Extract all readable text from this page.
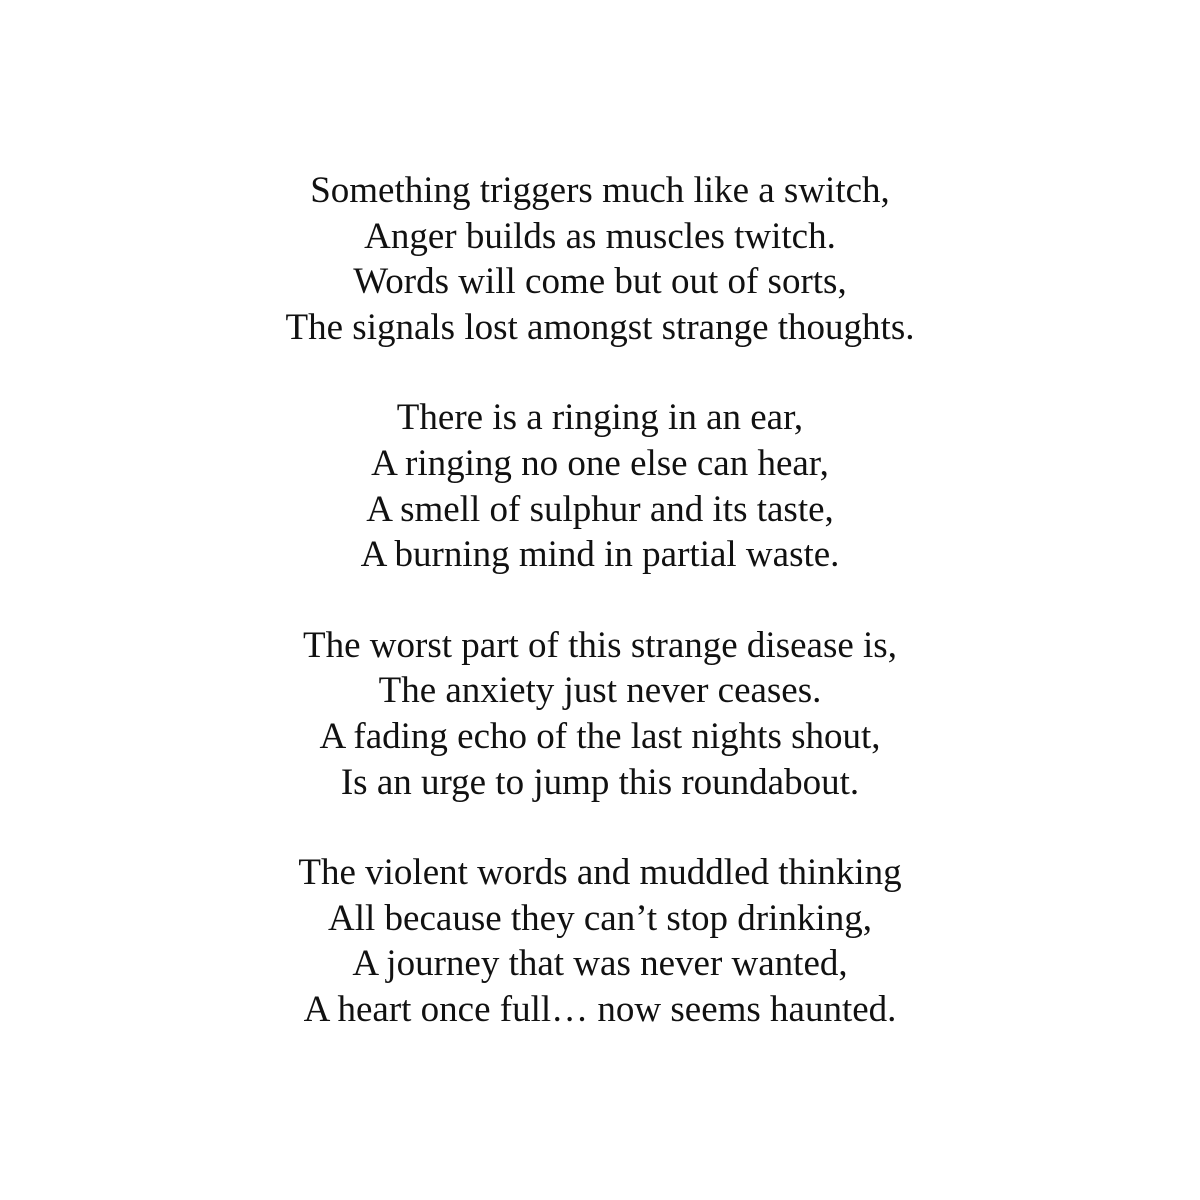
Something triggers much like a switch,
Anger builds as muscles twitch.
Words will come but out of sorts,
The signals lost amongst strange thoughts.
There is a ringing in an ear,
A ringing no one else can hear,
A smell of sulphur and its taste,
A burning mind in partial waste.
The worst part of this strange disease is,
The anxiety just never ceases.
A fading echo of the last nights shout,
Is an urge to jump this roundabout.
The violent words and muddled thinking
All because they can’t stop drinking,
A journey that was never wanted,
A heart once full… now seems haunted.
